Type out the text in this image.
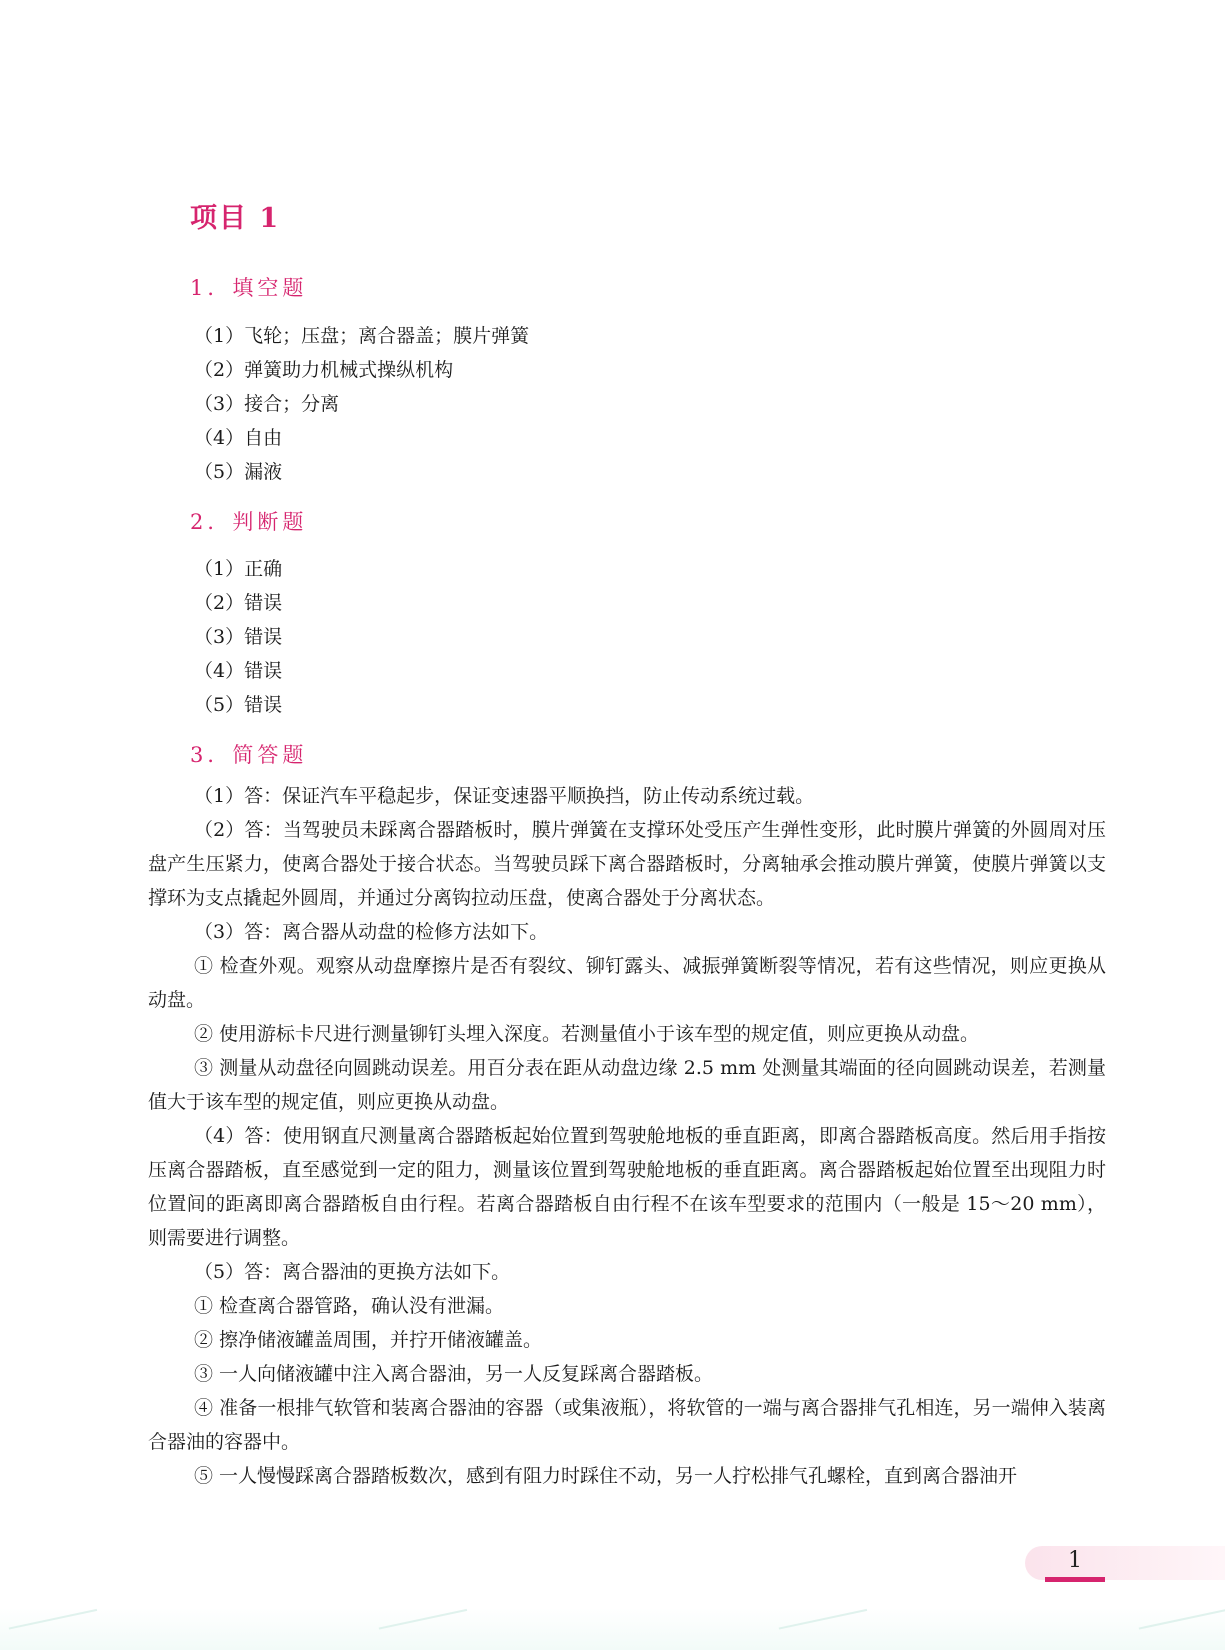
项目 1
1．填空题
（1）飞轮；压盘；离合器盖；膜片弹簧
（2）弹簧助力机械式操纵机构
（3）接合；分离
（4）自由
（5）漏液
2．判断题
（1）正确
（2）错误
（3）错误
（4）错误
（5）错误
3．简答题
（1）答：保证汽车平稳起步，保证变速器平顺换挡，防止传动系统过载。
（2）答：当驾驶员未踩离合器踏板时，膜片弹簧在支撑环处受压产生弹性变形，此时膜片弹簧的外圆周对压盘产生压紧力，使离合器处于接合状态。当驾驶员踩下离合器踏板时，分离轴承会推动膜片弹簧，使膜片弹簧以支撑环为支点撬起外圆周，并通过分离钩拉动压盘，使离合器处于分离状态。
（3）答：离合器从动盘的检修方法如下。
① 检查外观。观察从动盘摩擦片是否有裂纹、铆钉露头、减振弹簧断裂等情况，若有这些情况，则应更换从动盘。
② 使用游标卡尺进行测量铆钉头埋入深度。若测量值小于该车型的规定值，则应更换从动盘。
③ 测量从动盘径向圆跳动误差。用百分表在距从动盘边缘 2.5 mm 处测量其端面的径向圆跳动误差，若测量值大于该车型的规定值，则应更换从动盘。
（4）答：使用钢直尺测量离合器踏板起始位置到驾驶舱地板的垂直距离，即离合器踏板高度。然后用手指按压离合器踏板，直至感觉到一定的阻力，测量该位置到驾驶舱地板的垂直距离。离合器踏板起始位置至出现阻力时位置间的距离即离合器踏板自由行程。若离合器踏板自由行程不在该车型要求的范围内（一般是 15～20 mm），则需要进行调整。
（5）答：离合器油的更换方法如下。
① 检查离合器管路，确认没有泄漏。
② 擦净储液罐盖周围，并拧开储液罐盖。
③ 一人向储液罐中注入离合器油，另一人反复踩离合器踏板。
④ 准备一根排气软管和装离合器油的容器（或集液瓶），将软管的一端与离合器排气孔相连，另一端伸入装离合器油的容器中。
⑤ 一人慢慢踩离合器踏板数次，感到有阻力时踩住不动，另一人拧松排气孔螺栓，直到离合器油开
1
